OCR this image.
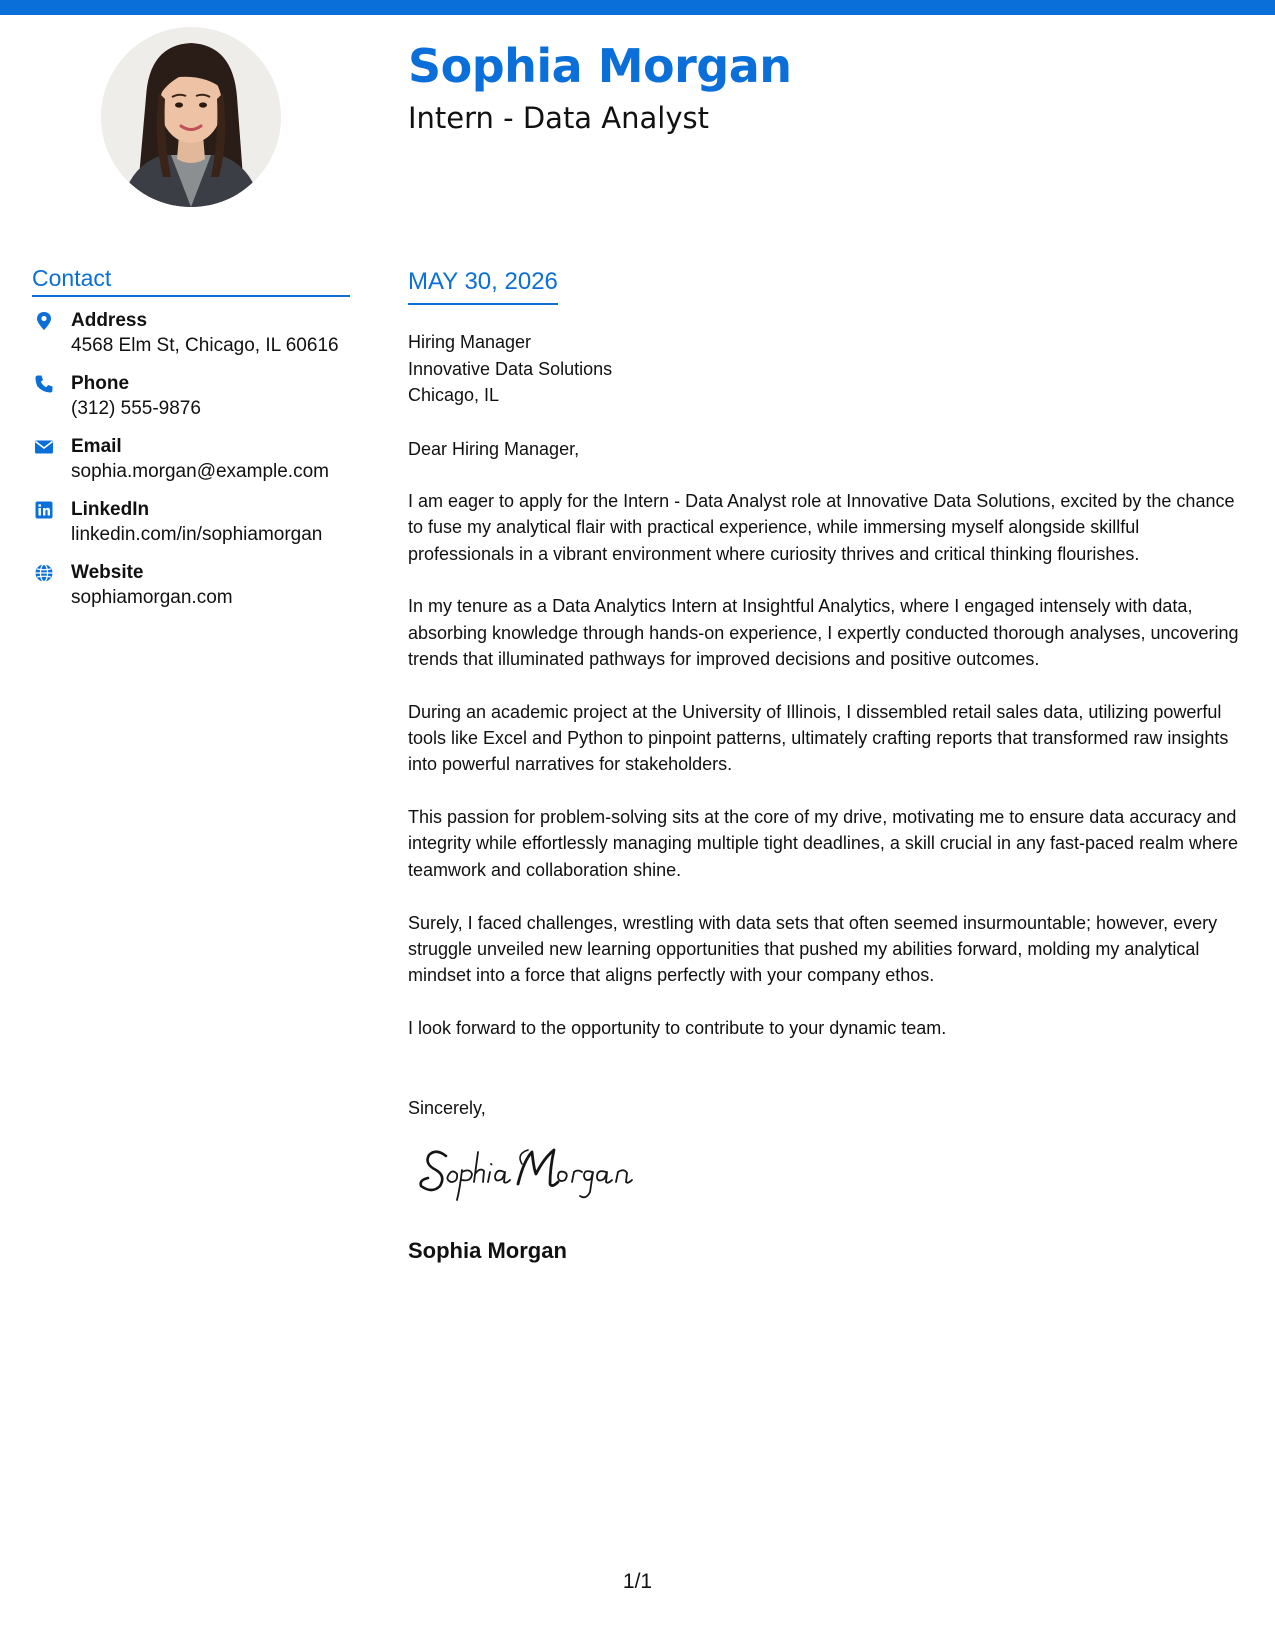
Sophia Morgan
Intern - Data Analyst
Contact
Address
4568 Elm St, Chicago, IL 60616
Phone
(312) 555-9876
Email
sophia.morgan@example.com
LinkedIn
linkedin.com/in/sophiamorgan
Website
sophiamorgan.com
MAY 30, 2026
Hiring Manager
Innovative Data Solutions
Chicago, IL
Dear Hiring Manager,

I am eager to apply for the Intern - Data Analyst role at Innovative Data Solutions, excited by the chance to fuse my analytical flair with practical experience, while immersing myself alongside skillful professionals in a vibrant environment where curiosity thrives and critical thinking flourishes.

In my tenure as a Data Analytics Intern at Insightful Analytics, where I engaged intensely with data, absorbing knowledge through hands-on experience, I expertly conducted thorough analyses, uncovering trends that illuminated pathways for improved decisions and positive outcomes.

During an academic project at the University of Illinois, I dissembled retail sales data, utilizing powerful tools like Excel and Python to pinpoint patterns, ultimately crafting reports that transformed raw insights into powerful narratives for stakeholders.

This passion for problem-solving sits at the core of my drive, motivating me to ensure data accuracy and integrity while effortlessly managing multiple tight deadlines, a skill crucial in any fast-paced realm where teamwork and collaboration shine.

Surely, I faced challenges, wrestling with data sets that often seemed insurmountable; however, every struggle unveiled new learning opportunities that pushed my abilities forward, molding my analytical mindset into a force that aligns perfectly with your company ethos.

I look forward to the opportunity to contribute to your dynamic team.

Sincerely,
Sophia Morgan
1/1
